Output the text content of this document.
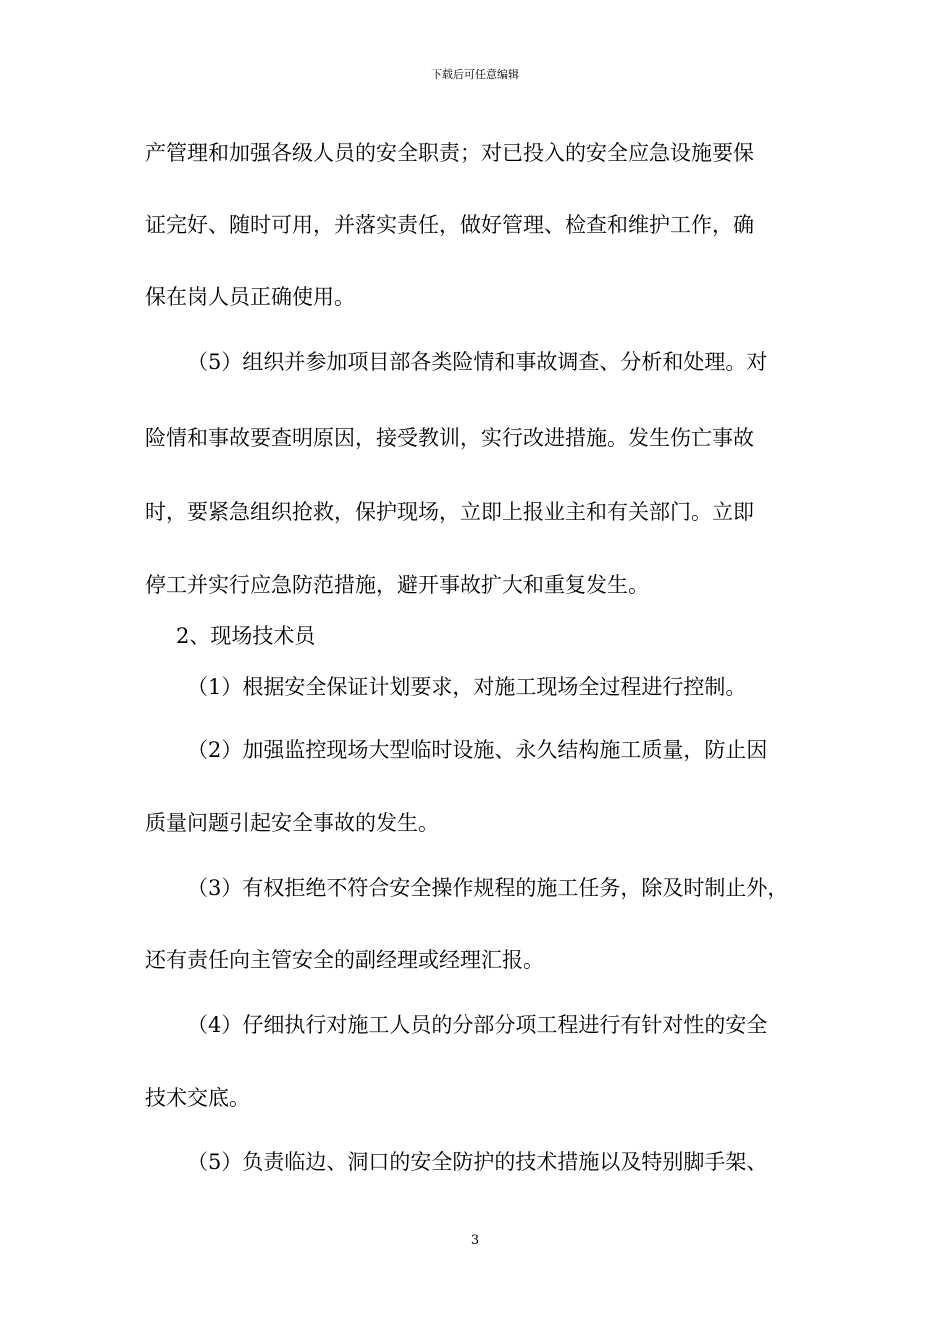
下载后可任意编辑
产管理和加强各级人员的安全职责；对已投入的安全应急设施要保
证完好、随时可用，并落实责任，做好管理、检查和维护工作，确
保在岗人员正确使用。
（5）组织并参加项目部各类险情和事故调查、分析和处理。对
险情和事故要查明原因，接受教训，实行改进措施。发生伤亡事故
时，要紧急组织抢救，保护现场，立即上报业主和有关部门。立即
停工并实行应急防范措施，避开事故扩大和重复发生。
2、现场技术员
（1）根据安全保证计划要求，对施工现场全过程进行控制。
（2）加强监控现场大型临时设施、永久结构施工质量，防止因
质量问题引起安全事故的发生。
（3）有权拒绝不符合安全操作规程的施工任务，除及时制止外，
还有责任向主管安全的副经理或经理汇报。
（4）仔细执行对施工人员的分部分项工程进行有针对性的安全
技术交底。
（5）负责临边、洞口的安全防护的技术措施以及特别脚手架、
3
